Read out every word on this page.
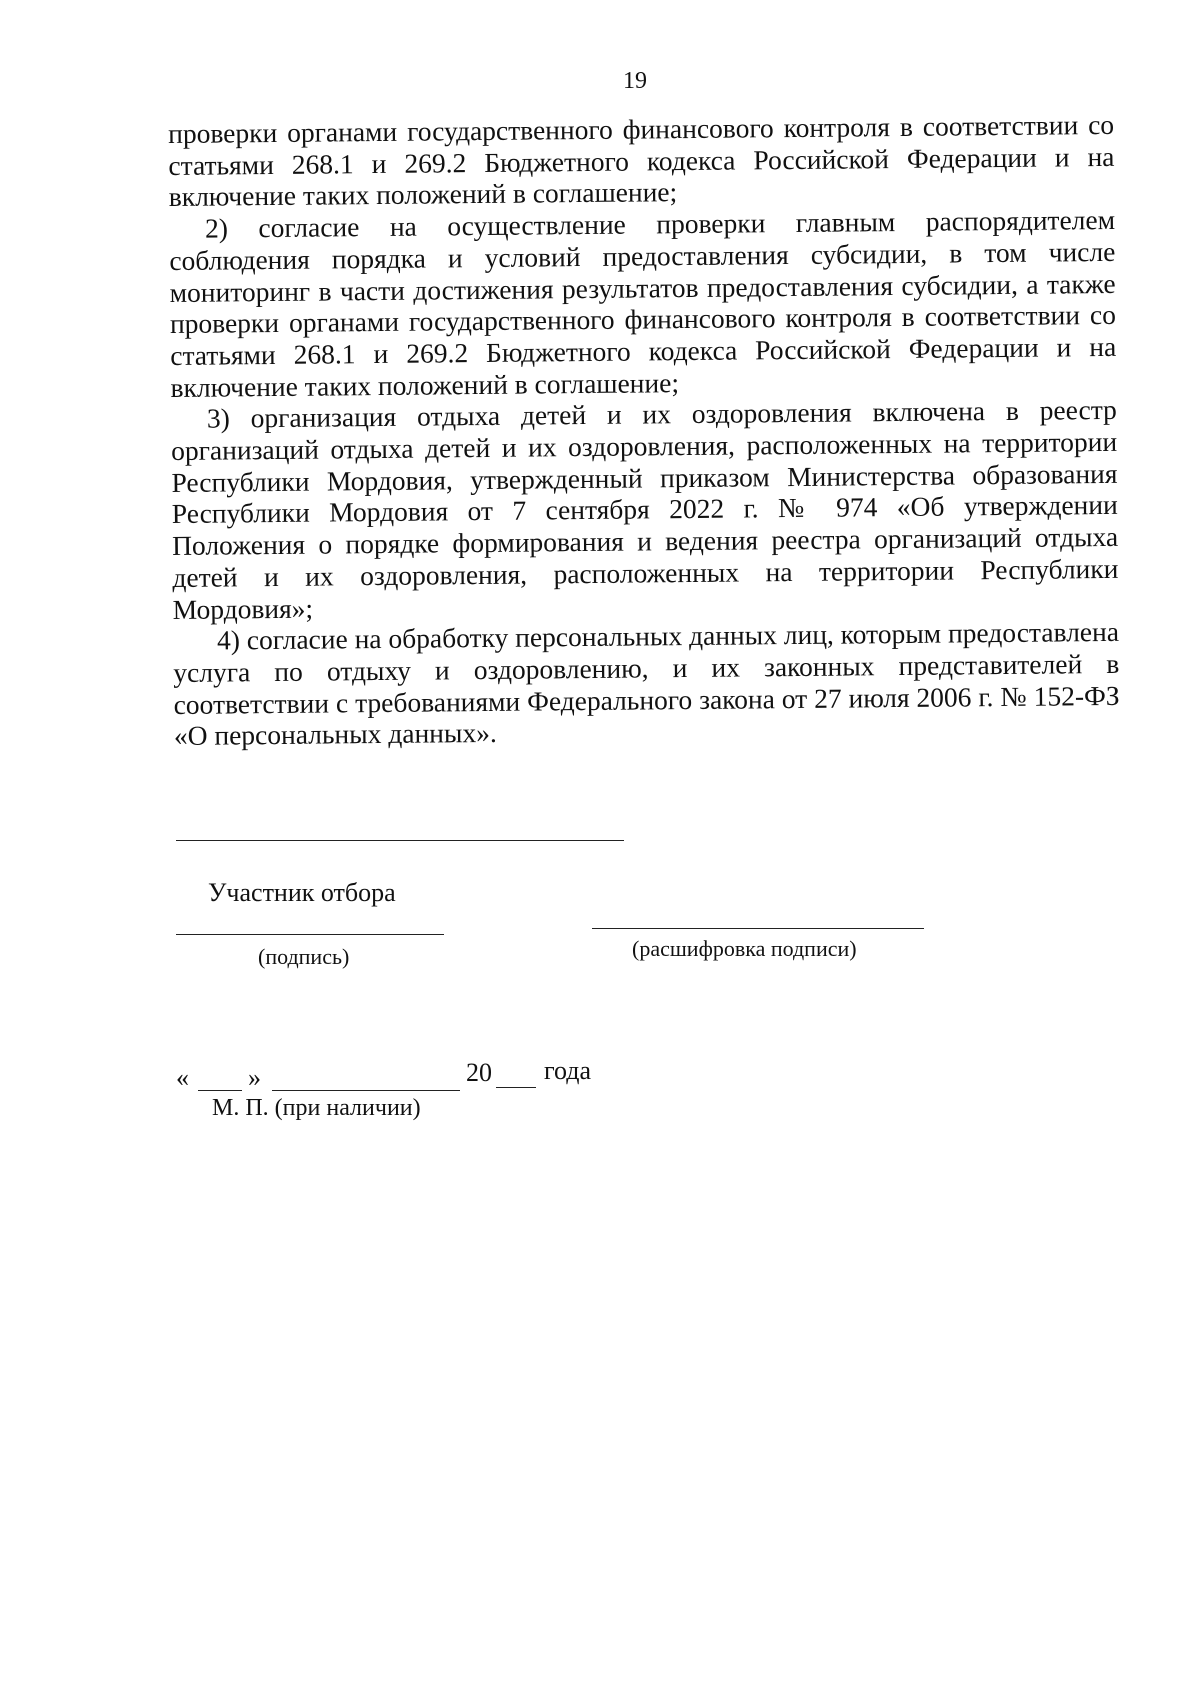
19

проверки органами государственного финансового контроля в соответствии со статьями 268.1 и 269.2 Бюджетного кодекса Российской Федерации и на включение таких положений в соглашение;

2) согласие на осуществление проверки главным распорядителем соблюдения порядка и условий предоставления субсидии, в том числе мониторинг в части достижения результатов предоставления субсидии, а также проверки органами государственного финансового контроля в соответствии со статьями 268.1 и 269.2 Бюджетного кодекса Российской Федерации и на включение таких положений в соглашение;

3) организация отдыха детей и их оздоровления включена в реестр организаций отдыха детей и их оздоровления, расположенных на территории Республики Мордовия, утвержденный приказом Министерства образования Республики Мордовия от 7 сентября 2022 г. № 974 «Об утверждении Положения о порядке формирования и ведения реестра организаций отдыха детей и их оздоровления, расположенных на территории Республики Мордовия»;

4) согласие на обработку персональных данных лиц, которым предоставлена услуга по отдыху и оздоровлению, и их законных представителей в соответствии с требованиями Федерального закона от 27 июля 2006 г. № 152-ФЗ «О персональных данных».

Участник отбора
(подпись)	(расшифровка подписи)
« »	20 года
М. П. (при наличии)
